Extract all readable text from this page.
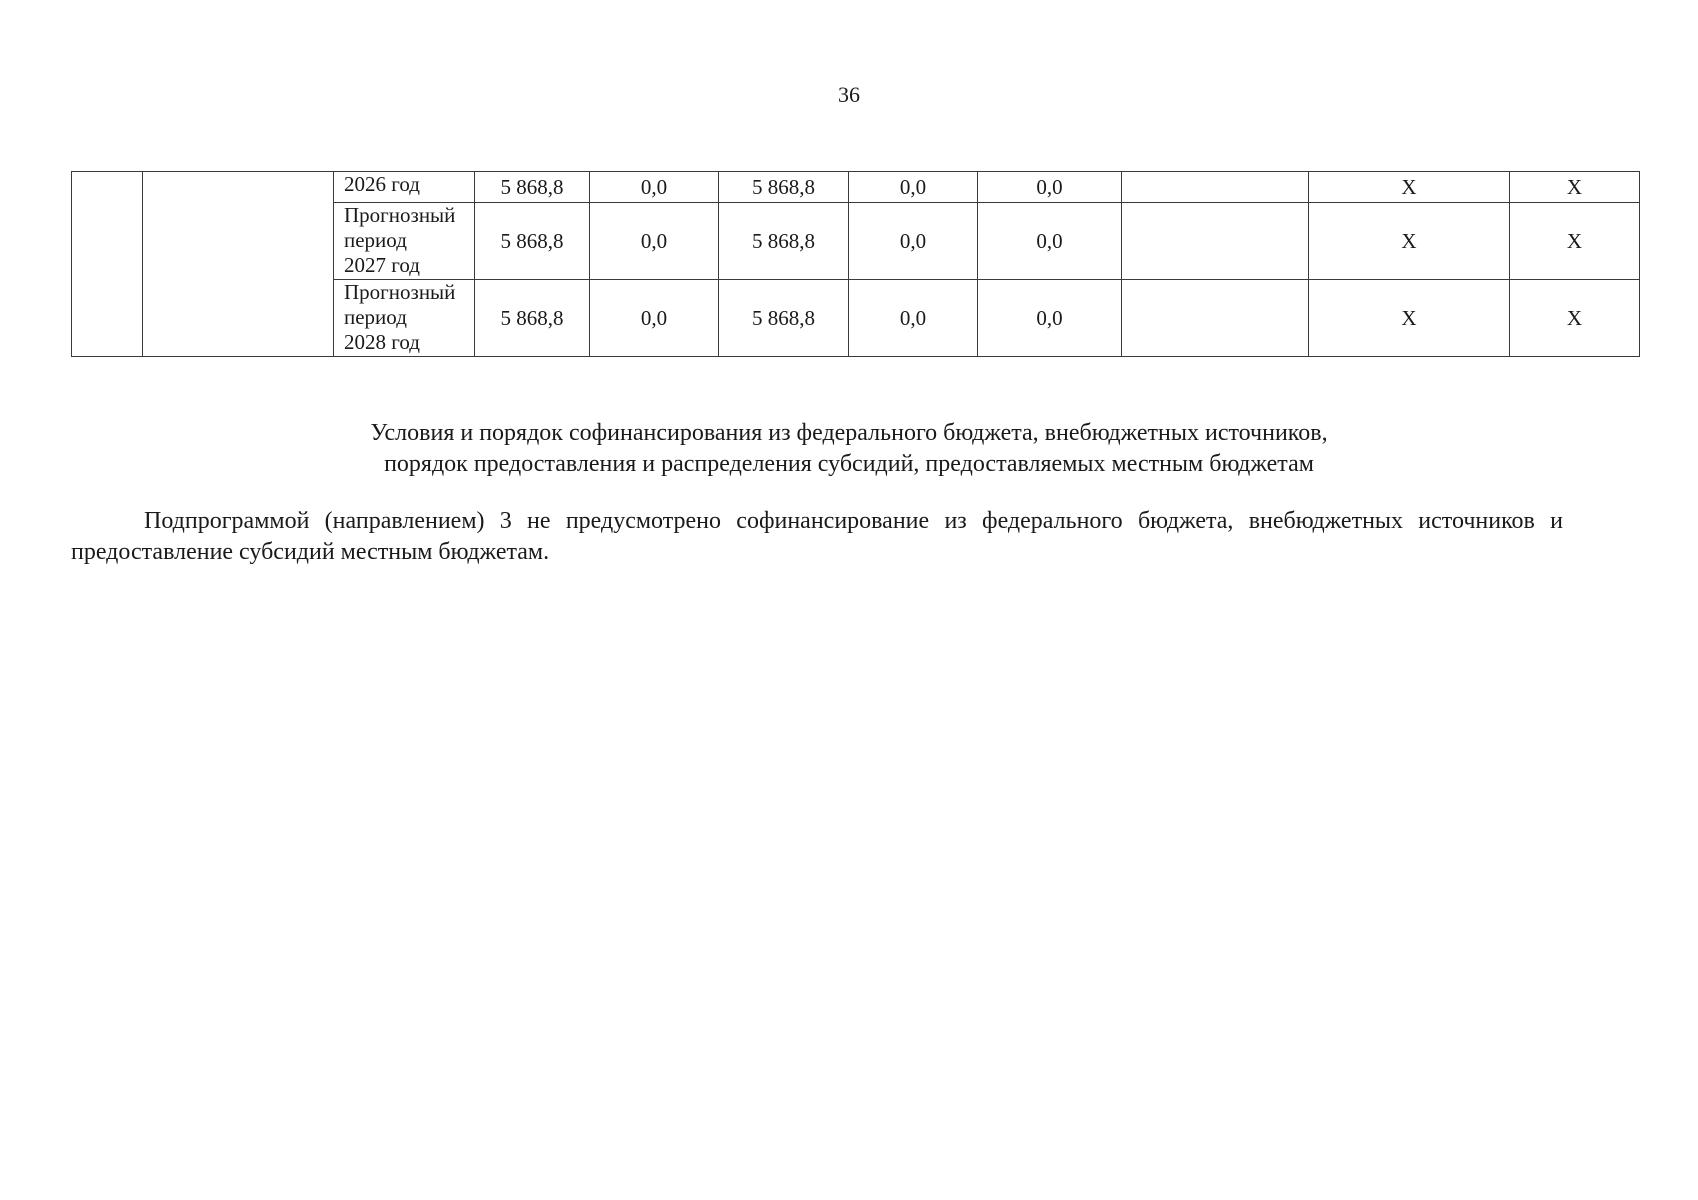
36
		2026 год	5 868,8	0,0	5 868,8	0,0	0,0		Х	Х

		Прогнозный
период
2027 год	5 868,8	0,0	5 868,8	0,0	0,0		Х	Х

		Прогнозный
период
2028 год	5 868,8	0,0	5 868,8	0,0	0,0		Х	Х
Условия и порядок софинансирования из федерального бюджета, внебюджетных источников,
порядок предоставления и распределения субсидий, предоставляемых местным бюджетам

Подпрограммой (направлением) 3 не предусмотрено софинансирование из федерального бюджета, внебюджетных источников и предоставление субсидий местным бюджетам.
